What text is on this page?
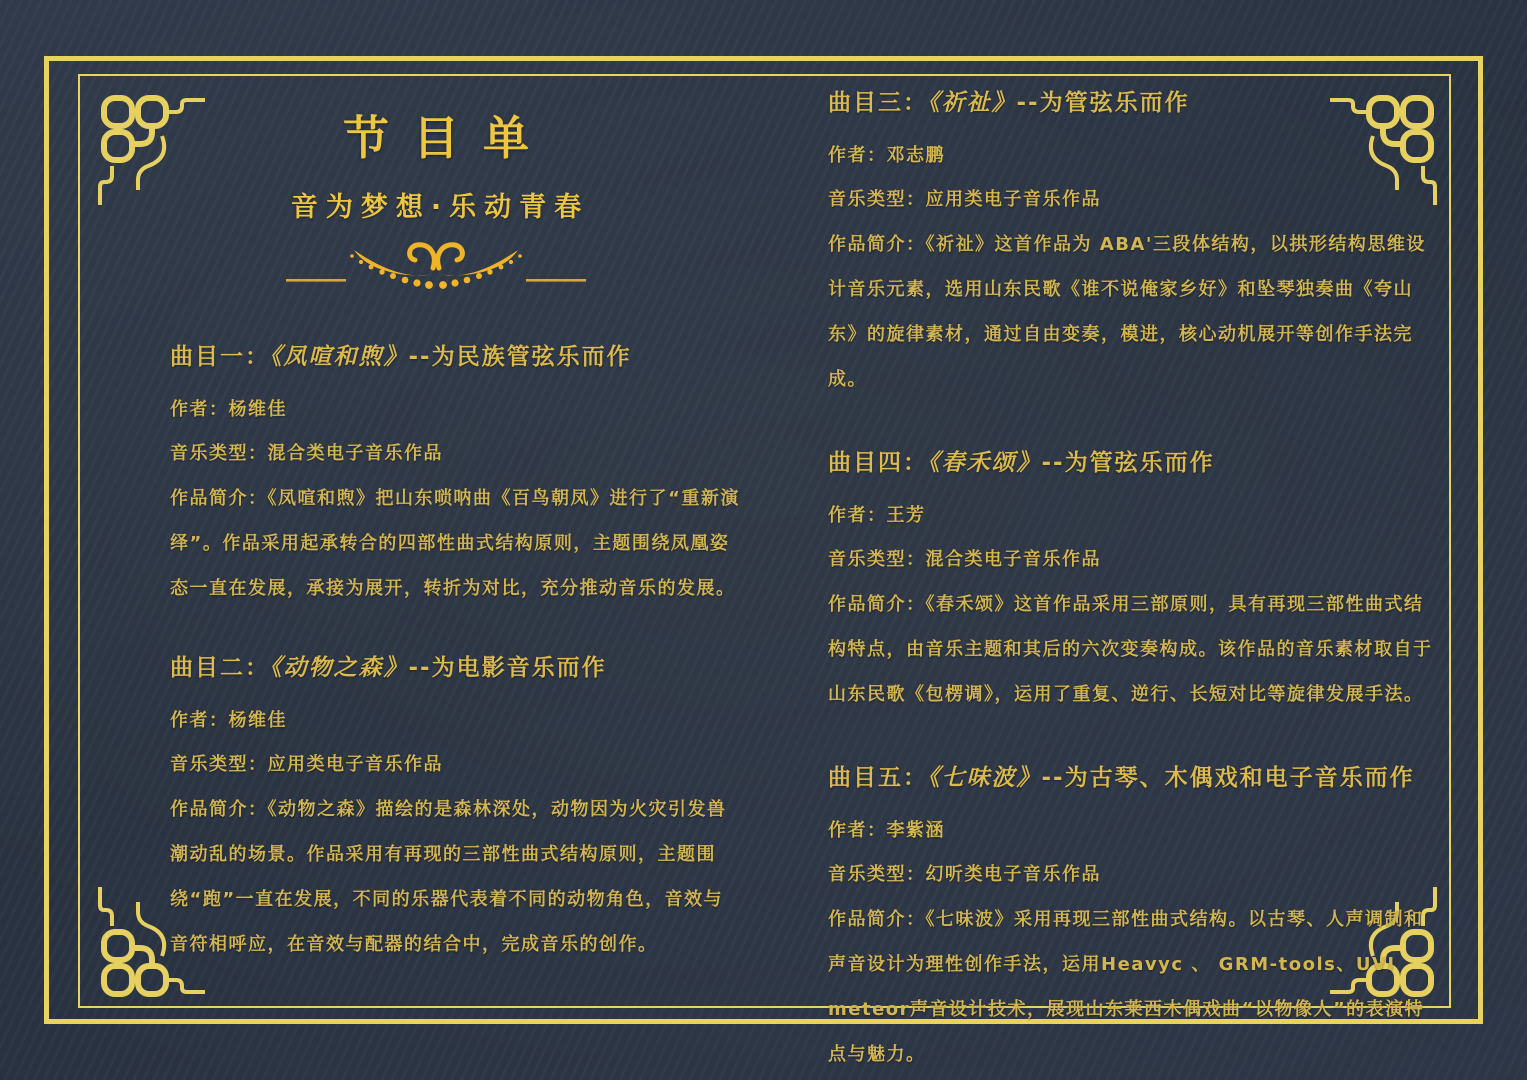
节目单
音为梦想·乐动青春
曲目一：《凤喧和煦》--为民族管弦乐而作
作者：杨维佳
音乐类型：混合类电子音乐作品

作品简介：《凤喧和煦》把山东唢呐曲《百鸟朝凤》进行了“重新演绎”。作品采用起承转合的四部性曲式结构原则，主题围绕凤凰姿态一直在发展，承接为展开，转折为对比，充分推动音乐的发展。

曲目二：《动物之森》--为电影音乐而作
作者：杨维佳
音乐类型：应用类电子音乐作品

作品简介：《动物之森》描绘的是森林深处，动物因为火灾引发兽潮动乱的场景。作品采用有再现的三部性曲式结构原则，主题围绕“跑”一直在发展，不同的乐器代表着不同的动物角色，音效与音符相呼应，在音效与配器的结合中，完成音乐的创作。

曲目三：《祈祉》--为管弦乐而作
作者：邓志鹏
音乐类型：应用类电子音乐作品

作品简介：《祈祉》这首作品为 ABA'三段体结构，以拱形结构思维设计音乐元素，选用山东民歌《谁不说俺家乡好》和坠琴独奏曲《夸山东》的旋律素材，通过自由变奏，模进，核心动机展开等创作手法完成。

曲目四：《春禾颂》--为管弦乐而作
作者：王芳
音乐类型：混合类电子音乐作品

作品简介：《春禾颂》这首作品采用三部原则，具有再现三部性曲式结构特点，由音乐主题和其后的六次变奏构成。该作品的音乐素材取自于山东民歌《包楞调》，运用了重复、逆行、长短对比等旋律发展手法。

曲目五：《七味波》--为古琴、木偶戏和电子音乐而作
作者：李紫涵
音乐类型：幻听类电子音乐作品

作品简介：《七味波》采用再现三部性曲式结构。以古琴、人声调制和声音设计为理性创作手法，运用Heavyc 、 GRM-tools、UVI meteor声音设计技术，展现山东莱西木偶戏曲“以物像人”的表演特点与魅力。
